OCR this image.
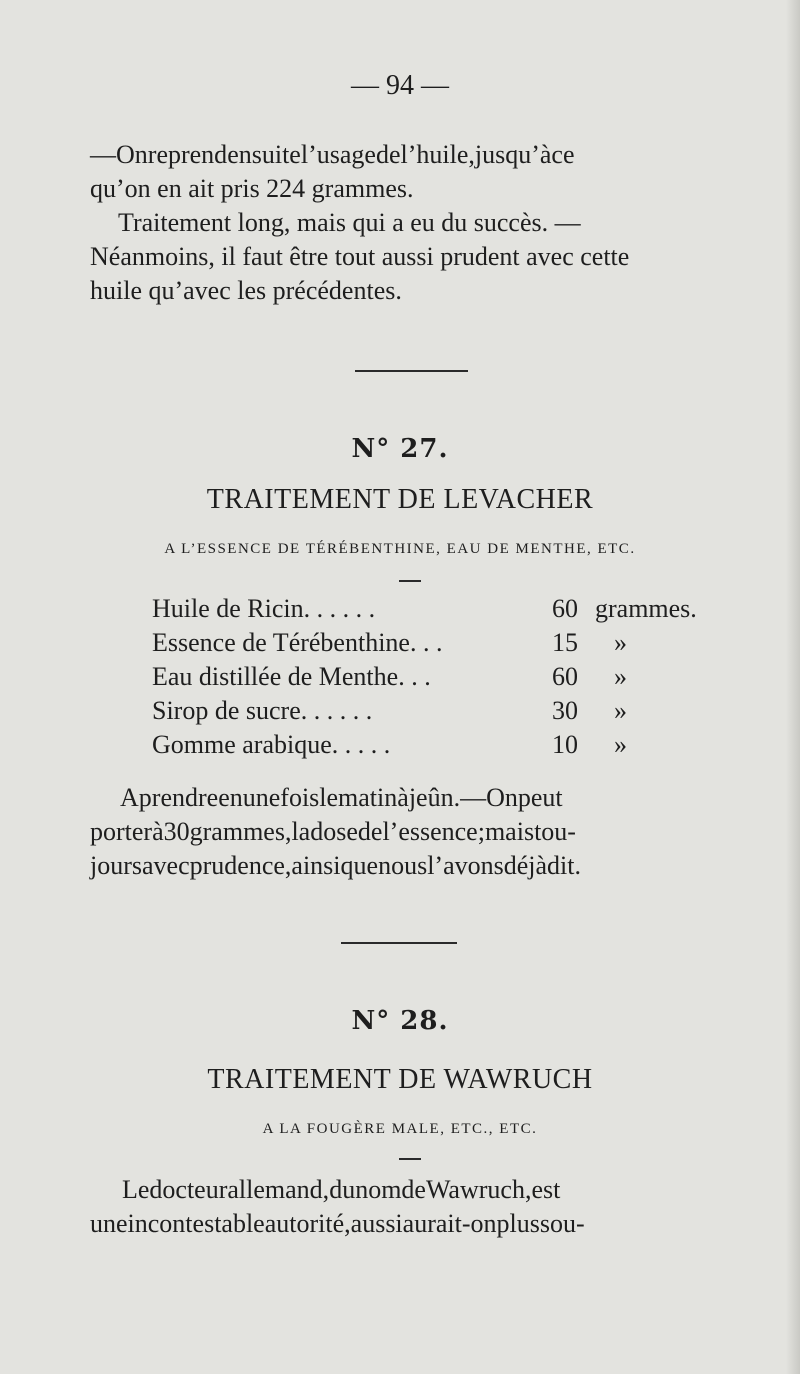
— 94 —
—Onreprendensuitel’usagedel’huile,jusqu’àce
qu’on en ait pris 224 grammes.
Traitement long, mais qui a eu du succès. —
Néanmoins, il faut être tout aussi prudent avec cette
huile qu’avec les précédentes.
N° 27.
TRAITEMENT DE LEVACHER
A L’ESSENCE DE TÉRÉBENTHINE, EAU DE MENTHE, ETC.
Huile de Ricin. . . . . .	60 grammes.
Essence de Térébenthine. . .	15 »
Eau distillée de Menthe. . .	60 »
Sirop de sucre. . . . . .	30 »
Gomme arabique. . . . .	10 »
Aprendreenunefoislematinàjeûn.—Onpeut
porterà30grammes,ladosedel’essence;maistou-
joursavecprudence,ainsiquenousl’avonsdéjàdit.
N° 28.
TRAITEMENT DE WAWRUCH
A LA FOUGÈRE MALE, ETC., ETC.
Ledocteurallemand,dunomdeWawruch,est
uneincontestableautorité,aussiaurait-onplussou-
